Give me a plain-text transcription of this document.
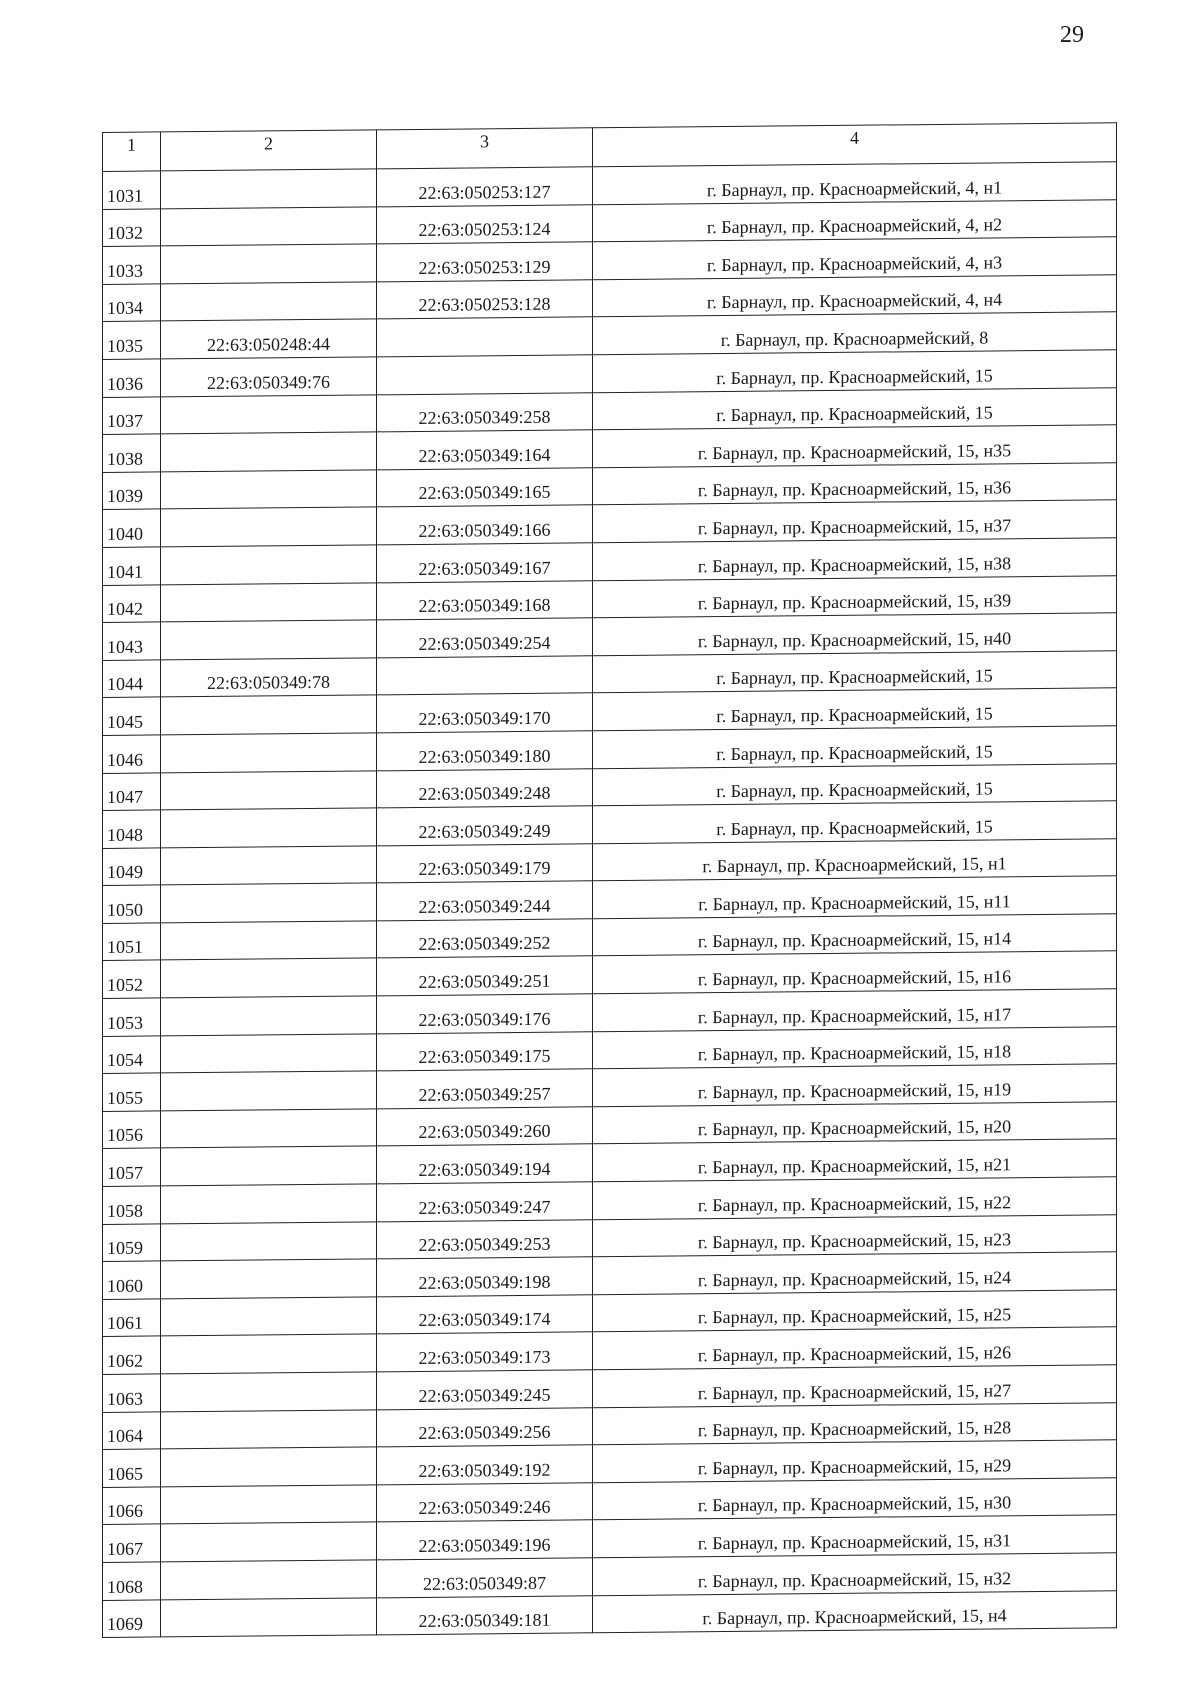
29
1	2	3	4
1031		22:63:050253:127	г. Барнаул, пр. Красноармейский, 4, н1
1032		22:63:050253:124	г. Барнаул, пр. Красноармейский, 4, н2
1033		22:63:050253:129	г. Барнаул, пр. Красноармейский, 4, н3
1034		22:63:050253:128	г. Барнаул, пр. Красноармейский, 4, н4
1035	22:63:050248:44		г. Барнаул, пр. Красноармейский, 8
1036	22:63:050349:76		г. Барнаул, пр. Красноармейский, 15
1037		22:63:050349:258	г. Барнаул, пр. Красноармейский, 15
1038		22:63:050349:164	г. Барнаул, пр. Красноармейский, 15, н35
1039		22:63:050349:165	г. Барнаул, пр. Красноармейский, 15, н36
1040		22:63:050349:166	г. Барнаул, пр. Красноармейский, 15, н37
1041		22:63:050349:167	г. Барнаул, пр. Красноармейский, 15, н38
1042		22:63:050349:168	г. Барнаул, пр. Красноармейский, 15, н39
1043		22:63:050349:254	г. Барнаул, пр. Красноармейский, 15, н40
1044	22:63:050349:78		г. Барнаул, пр. Красноармейский, 15
1045		22:63:050349:170	г. Барнаул, пр. Красноармейский, 15
1046		22:63:050349:180	г. Барнаул, пр. Красноармейский, 15
1047		22:63:050349:248	г. Барнаул, пр. Красноармейский, 15
1048		22:63:050349:249	г. Барнаул, пр. Красноармейский, 15
1049		22:63:050349:179	г. Барнаул, пр. Красноармейский, 15, н1
1050		22:63:050349:244	г. Барнаул, пр. Красноармейский, 15, н11
1051		22:63:050349:252	г. Барнаул, пр. Красноармейский, 15, н14
1052		22:63:050349:251	г. Барнаул, пр. Красноармейский, 15, н16
1053		22:63:050349:176	г. Барнаул, пр. Красноармейский, 15, н17
1054		22:63:050349:175	г. Барнаул, пр. Красноармейский, 15, н18
1055		22:63:050349:257	г. Барнаул, пр. Красноармейский, 15, н19
1056		22:63:050349:260	г. Барнаул, пр. Красноармейский, 15, н20
1057		22:63:050349:194	г. Барнаул, пр. Красноармейский, 15, н21
1058		22:63:050349:247	г. Барнаул, пр. Красноармейский, 15, н22
1059		22:63:050349:253	г. Барнаул, пр. Красноармейский, 15, н23
1060		22:63:050349:198	г. Барнаул, пр. Красноармейский, 15, н24
1061		22:63:050349:174	г. Барнаул, пр. Красноармейский, 15, н25
1062		22:63:050349:173	г. Барнаул, пр. Красноармейский, 15, н26
1063		22:63:050349:245	г. Барнаул, пр. Красноармейский, 15, н27
1064		22:63:050349:256	г. Барнаул, пр. Красноармейский, 15, н28
1065		22:63:050349:192	г. Барнаул, пр. Красноармейский, 15, н29
1066		22:63:050349:246	г. Барнаул, пр. Красноармейский, 15, н30
1067		22:63:050349:196	г. Барнаул, пр. Красноармейский, 15, н31
1068		22:63:050349:87	г. Барнаул, пр. Красноармейский, 15, н32
1069		22:63:050349:181	г. Барнаул, пр. Красноармейский, 15, н4
